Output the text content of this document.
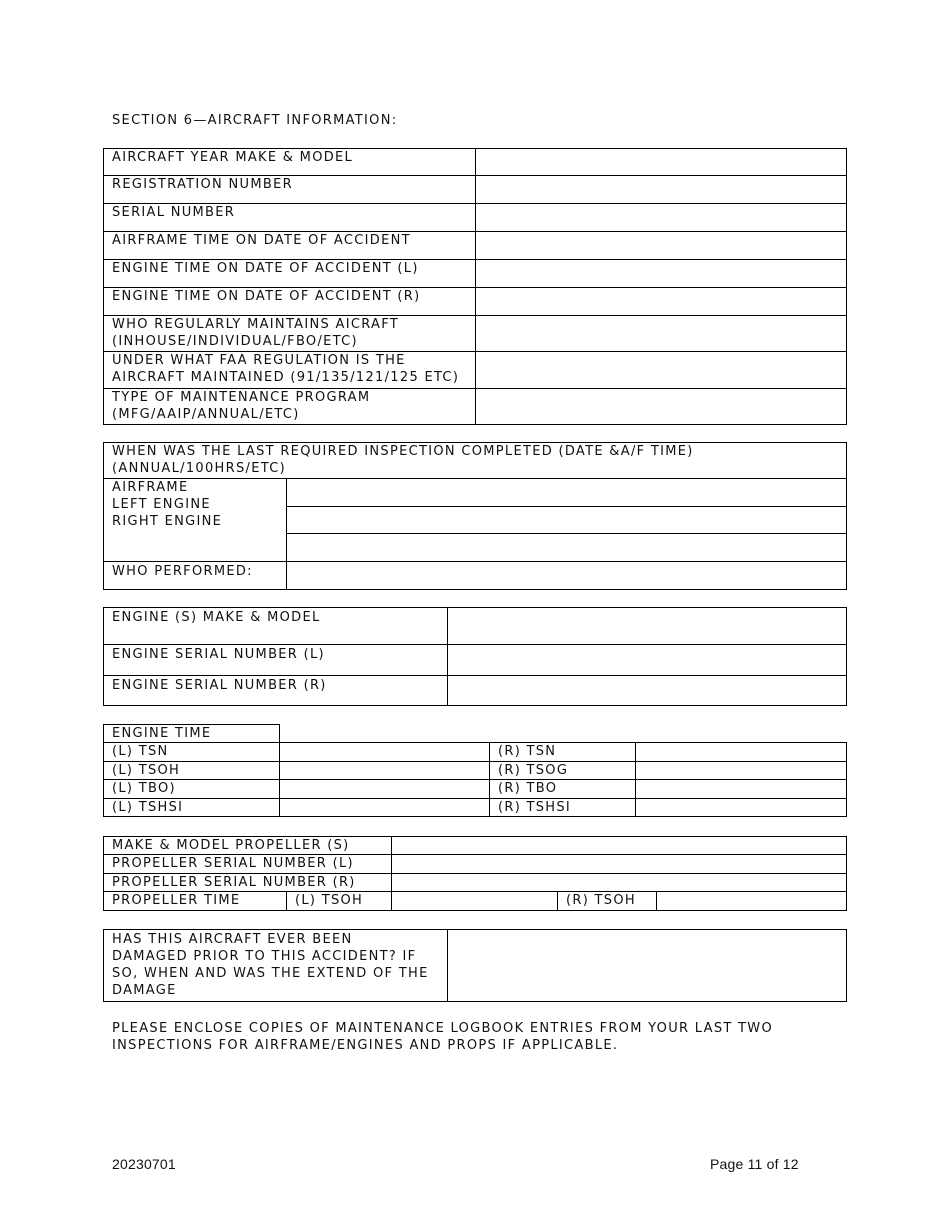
SECTION 6—AIRCRAFT INFORMATION:
AIRCRAFT YEAR MAKE & MODEL	
REGISTRATION NUMBER	
SERIAL NUMBER	
AIRFRAME TIME ON DATE OF ACCIDENT	
ENGINE TIME ON DATE OF ACCIDENT (L)	
ENGINE TIME ON DATE OF ACCIDENT (R)	
WHO REGULARLY MAINTAINS AICRAFT
(INHOUSE/INDIVIDUAL/FBO/ETC)	
UNDER WHAT FAA REGULATION IS THE
AIRCRAFT MAINTAINED (91/135/121/125 ETC)	
TYPE OF MAINTENANCE PROGRAM
(MFG/AAIP/ANNUAL/ETC)	
WHEN WAS THE LAST REQUIRED INSPECTION COMPLETED (DATE &A/F TIME)
(ANNUAL/100HRS/ETC)	
AIRFRAME
LEFT ENGINE
RIGHT ENGINE	

WHO PERFORMED:	
ENGINE (S) MAKE & MODEL	
ENGINE SERIAL NUMBER (L)	
ENGINE SERIAL NUMBER (R)	
ENGINE TIME			
(L) TSN		(R) TSN	
(L) TSOH		(R) TSOG	
(L) TBO)		(R) TBO	
(L) TSHSI		(R) TSHSI	
MAKE & MODEL PROPELLER (S)				
PROPELLER SERIAL NUMBER (L)				
PROPELLER SERIAL NUMBER (R)				
PROPELLER TIME	(L) TSOH		(R) TSOH	
HAS THIS AIRCRAFT EVER BEEN
DAMAGED PRIOR TO THIS ACCIDENT? IF
SO, WHEN AND WAS THE EXTEND OF THE
DAMAGE	
PLEASE ENCLOSE COPIES OF MAINTENANCE LOGBOOK ENTRIES FROM YOUR LAST TWO
INSPECTIONS FOR AIRFRAME/ENGINES AND PROPS IF APPLICABLE.
20230701	Page 11 of 12
